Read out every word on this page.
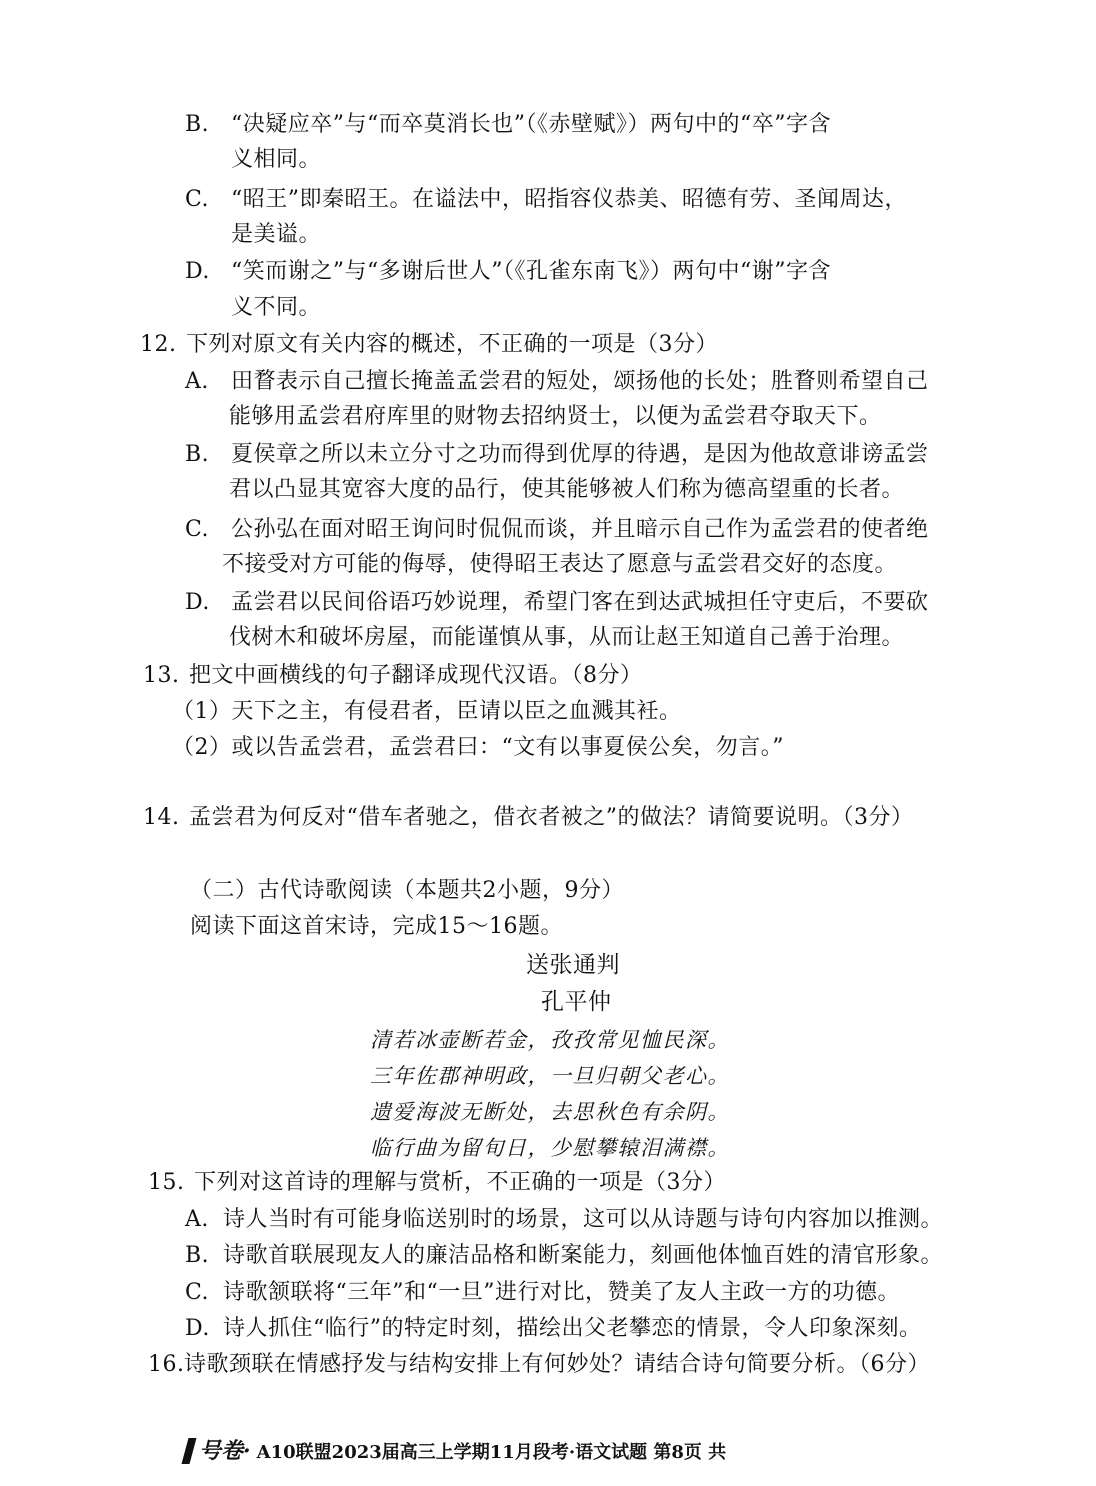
B. “决疑应卒”与“而卒莫消长也”（《赤壁赋》）两句中的“卒”字含
义相同。
C. “昭王”即秦昭王。在谥法中，昭指容仪恭美、昭德有劳、圣闻周达，
是美谥。
D. “笑而谢之”与“多谢后世人”（《孔雀东南飞》）两句中“谢”字含
义不同。
12. 下列对原文有关内容的概述，不正确的一项是（3分）
A. 田瞀表示自己擅长掩盖孟尝君的短处，颂扬他的长处；胜瞀则希望自己
能够用孟尝君府库里的财物去招纳贤士，以便为孟尝君夺取天下。
B. 夏侯章之所以未立分寸之功而得到优厚的待遇，是因为他故意诽谤孟尝
君以凸显其宽容大度的品行，使其能够被人们称为德高望重的长者。
C. 公孙弘在面对昭王询问时侃侃而谈，并且暗示自己作为孟尝君的使者绝
不接受对方可能的侮辱，使得昭王表达了愿意与孟尝君交好的态度。
D. 孟尝君以民间俗语巧妙说理，希望门客在到达武城担任守吏后，不要砍
伐树木和破坏房屋，而能谨慎从事，从而让赵王知道自己善于治理。
13. 把文中画横线的句子翻译成现代汉语。（8分）
（1）天下之主，有侵君者，臣请以臣之血溅其衽。
（2）或以告孟尝君，孟尝君曰：“文有以事夏侯公矣，勿言。”
14. 孟尝君为何反对“借车者驰之，借衣者被之”的做法？请简要说明。（3分）
（二）古代诗歌阅读（本题共2小题，9分）
阅读下面这首宋诗，完成15～16题。
送张通判
孔平仲
清若冰壶断若金，孜孜常见恤民深。
三年佐郡神明政，一旦归朝父老心。
遗爱海波无断处，去思秋色有余阴。
临行曲为留旬日，少慰攀辕泪满襟。
15. 下列对这首诗的理解与赏析，不正确的一项是（3分）
A. 诗人当时有可能身临送别时的场景，这可以从诗题与诗句内容加以推测。
B. 诗歌首联展现友人的廉洁品格和断案能力，刻画他体恤百姓的清官形象。
C. 诗歌颔联将“三年”和“一旦”进行对比，赞美了友人主政一方的功德。
D. 诗人抓住“临行”的特定时刻，描绘出父老攀恋的情景，令人印象深刻。
16.诗歌颈联在情感抒发与结构安排上有何妙处？请结合诗句简要分析。（6分）
号卷· A10联盟2023届高三上学期11月段考·语文试题 第8页 共
